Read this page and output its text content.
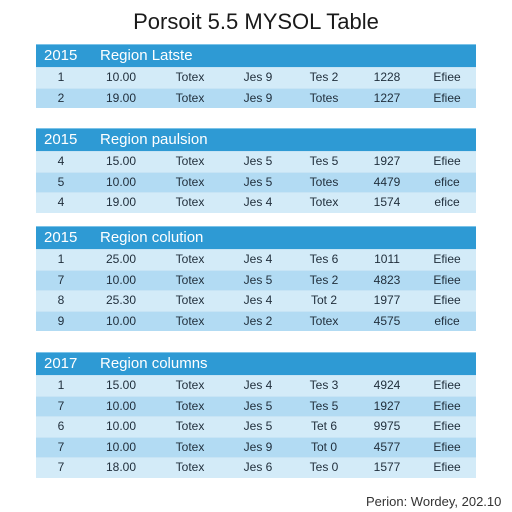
Porsoit 5.5 MYSOL Table
2015	Region Latste
1	10.00	Totex	Jes 9	Tes 2	1228	Efiee
2	19.00	Totex	Jes 9	Totes	1227	Efiee
2015	Region paulsion
4	15.00	Totex	Jes 5	Tes 5	1927	Efiee
5	10.00	Totex	Jes 5	Totes	4479	efice
4	19.00	Totex	Jes 4	Totex	1574	efice
2015	Region colution
1	25.00	Totex	Jes 4	Tes 6	1011	Efiee
7	10.00	Totex	Jes 5	Tes 2	4823	Efiee
8	25.30	Totex	Jes 4	Tot 2	1977	Efiee
9	10.00	Totex	Jes 2	Totex	4575	efice
2017	Region columns
1	15.00	Totex	Jes 4	Tes 3	4924	Efiee
7	10.00	Totex	Jes 5	Tes 5	1927	Efiee
6	10.00	Totex	Jes 5	Tet 6	9975	Efiee
7	10.00	Totex	Jes 9	Tot 0	4577	Efiee
7	18.00	Totex	Jes 6	Tes 0	1577	Efiee
Perion: Wordey, 202.10
